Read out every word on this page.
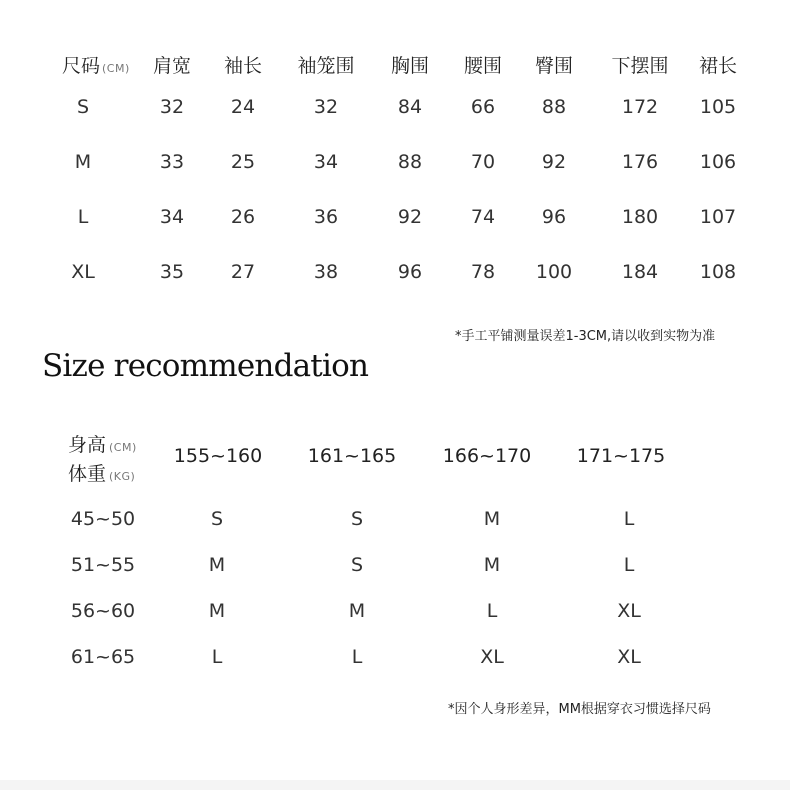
尺码 (CM) 肩宽 袖长 袖笼围 胸围 腰围 臀围 下摆围 裙长
S	32 24	32	84	66 88	172 105
M	33 25	34	88	70 92	176 106
L	34 26	36	92	74 96	180 107
XL	35 27	38	96	78 100	184 108
*手工平铺测量误差1-3CM,请以收到实物为准
Size recommendation
身高 (CM)
体重 (KG)
155~160 161~165 166~170 171~175
45~50	S	S	M	L
51~55	M	S	M	L
56~60	M	M	L	XL
61~65	L	L	XL	XL
*因个人身形差异，MM根据穿衣习惯选择尺码
